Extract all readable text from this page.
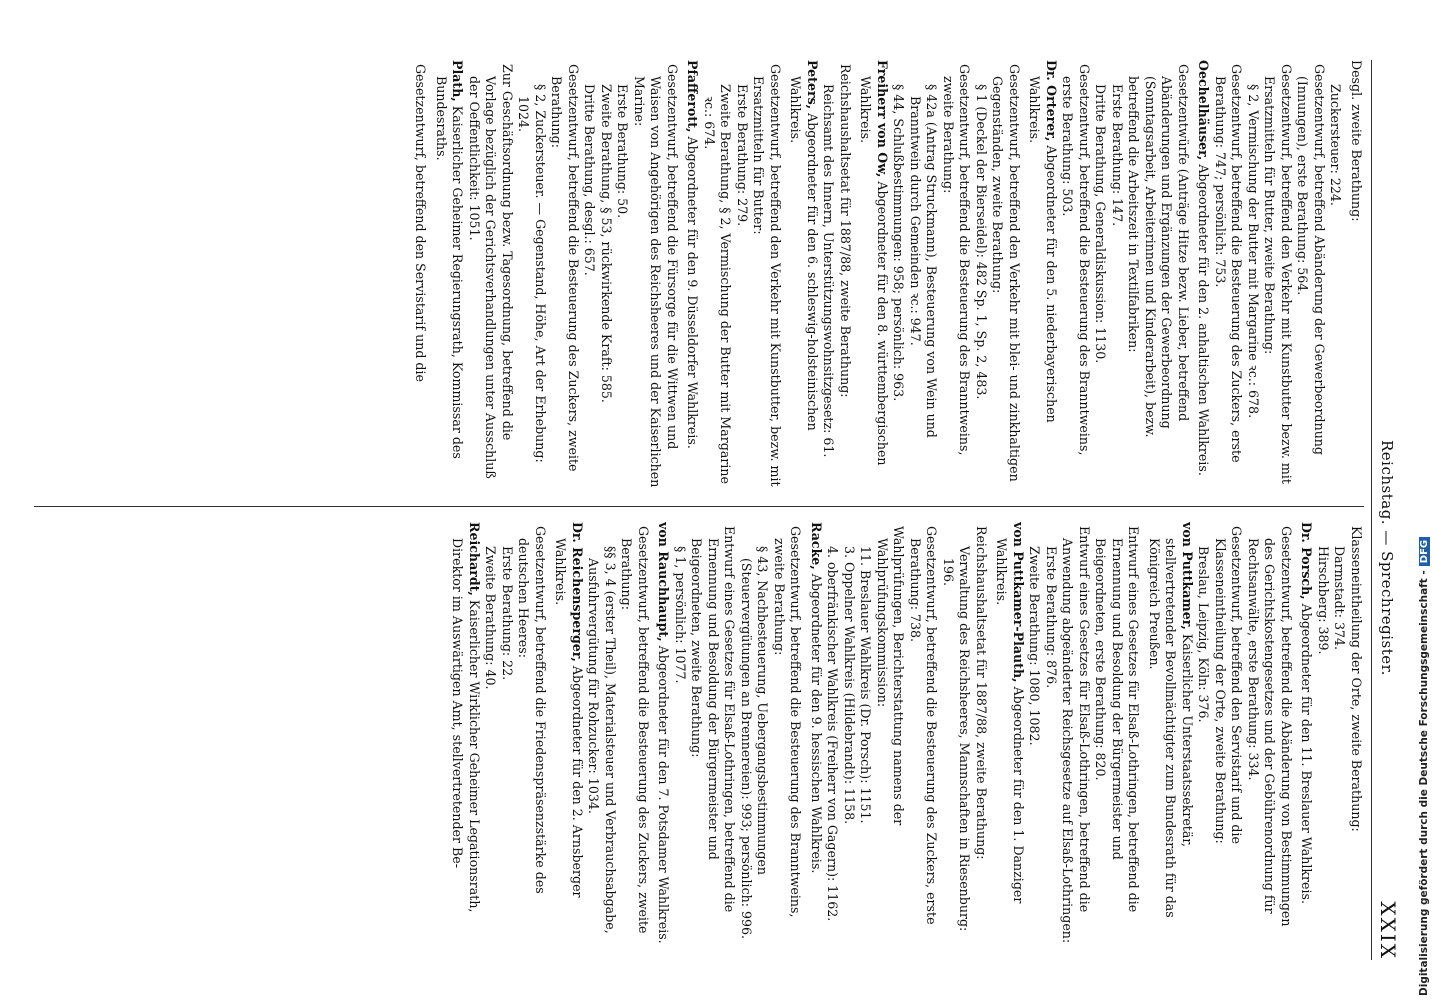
Reichstag. — Sprechregister.
XXIX

Desgl. zweite Berathung:

Zuckersteuer: 224.

Gesetzentwurf, betreffend Abänderung der Gewerbeordnung (Innungen), erste Berathung: 564.

Gesetzentwurf, betreffend den Verkehr mit Kunstbutter bezw. mit Ersatzmitteln für Butter, zweite Berathung:

§ 2, Vermischung der Butter mit Margarine ꝛc.: 678.

Gesetzentwurf, betreffend die Besteuerung des Zuckers, erste Berathung: 747; persönlich: 753.

Oechelhäuser, Abgeordneter für den 2. anhaltischen Wahlkreis.

Gesetzentwürfe (Anträge Hitze bezw. Lieber, betreffend Abänderungen und Ergänzungen der Gewerbeordnung (Sonntagsarbeit, Arbeiterinnen und Kinderarbeit), bezw. betreffend die Arbeitszeit in Textilfabriken:

Erste Berathung: 147.

Dritte Berathung, Generaldiskussion: 1130.

Gesetzentwurf, betreffend die Besteuerung des Branntweins, erste Berathung: 503.

Dr. Orterer, Abgeordneter für den 5. niederbayerischen Wahlkreis.

Gesetzentwurf, betreffend den Verkehr mit blei- und zinkhaltigen Gegenständen, zweite Berathung:

§ 1 (Deckel der Bierseidel): 482 Sp. 1, Sp. 2, 483.

Gesetzentwurf, betreffend die Besteuerung des Branntweins, zweite Berathung:

§ 42a (Antrag Struckmann), Besteuerung von Wein und Branntwein durch Gemeinden ꝛc.: 947.

§ 44, Schlußbestimmungen: 958; persönlich: 963.

Freiherr von Ow, Abgeordneter für den 8. württembergischen Wahlkreis.

Reichshaushaltsetat für 1887/88, zweite Berathung:

Reichsamt des Innern, Unterstützungswohnsitzgesetz: 61.

Peters, Abgeordneter für den 6. schleswig-holsteinischen Wahlkreis.

Gesetzentwurf, betreffend den Verkehr mit Kunstbutter, bezw. mit Ersatzmitteln für Butter:

Erste Berathung: 279.

Zweite Berathung, § 2, Vermischung der Butter mit Margarine ꝛc.: 674.

Pfafferott, Abgeordneter für den 9. Düsseldorfer Wahlkreis.

Gesetzentwurf, betreffend die Fürsorge für die Wittwen und Waisen von Angehörigen des Reichsheeres und der Kaiserlichen Marine:

Erste Berathung: 50.

Zweite Berathung, § 53, rückwirkende Kraft: 585.

Dritte Berathung, desgl.: 657.

Gesetzentwurf, betreffend die Besteuerung des Zuckers, zweite Berathung:

§ 2, Zuckersteuer. — Gegenstand, Höhe, Art der Erhebung: 1024.

Zur Geschäftsordnung bezw. Tagesordnung, betreffend die Vorlage bezüglich der Gerichtsverhandlungen unter Ausschluß der Oeffentlichkeit: 1051.

Plath, Kaiserlicher Geheimer Regierungsrath, Kommissar des Bundesraths.

Gesetzentwurf, betreffend den Servistarif und die

Klasseneintheilung der Orte, zweite Berathung:

Darmstadt: 374.

Hirschberg: 389.

Dr. Porsch, Abgeordneter für den 11. Breslauer Wahlkreis.

Gesetzentwurf, betreffend die Abänderung von Bestimmungen des Gerichtskostengesetzes und der Gebührenordnung für Rechtsanwälte, erste Berathung: 334.

Gesetzentwurf, betreffend den Servistarif und die Klasseneintheilung der Orte, zweite Berathung:

Breslau, Leipzig, Köln: 376.

von Puttkamer, Kaiserlicher Unterstaatssekretär, stellvertretender Bevollmächtigter zum Bundesrath für das Königreich Preußen.

Entwurf eines Gesetzes für Elsaß-Lothringen, betreffend die Ernennung und Besoldung der Bürgermeister und Beigeordneten, erste Berathung: 820.

Entwurf eines Gesetzes für Elsaß-Lothringen, betreffend die Anwendung abgeänderter Reichsgesetze auf Elsaß-Lothringen:

Erste Berathung: 876.

Zweite Berathung: 1080, 1082.

von Puttkamer-Plauth, Abgeordneter für den 1. Danziger Wahlkreis.

Reichshaushaltsetat für 1887/88, zweite Berathung:

Verwaltung des Reichsheeres, Mannschaften in Riesenburg: 196.

Gesetzentwurf, betreffend die Besteuerung des Zuckers, erste Berathung: 738.

Wahlprüfungen, Berichterstattung namens der Wahlprüfungskommission:

11. Breslauer Wahlkreis (Dr. Porsch): 1151.

3. Oppelner Wahlkreis (Hildebrandt): 1158.

4. oberfränkischer Wahlkreis (Freiherr von Gagern): 1162.

Racke, Abgeordneter für den 9. hessischen Wahlkreis.

Gesetzentwurf, betreffend die Besteuerung des Branntweins, zweite Berathung:

§ 43, Nachbesteuerung, Uebergangsbestimmungen (Steuervergütungen an Brennereien): 993; persönlich: 996.

Entwurf eines Gesetzes für Elsaß-Lothringen, betreffend die Ernennung und Besoldung der Bürgermeister und Beigeordneten, zweite Berathung:

§ 1, persönlich: 1077.

von Rauchhaupt, Abgeordneter für den 7. Potsdamer Wahlkreis.

Gesetzentwurf, betreffend die Besteuerung des Zuckers, zweite Berathung:

§§ 3, 4 (erster Theil), Materialsteuer und Verbrauchsabgabe, Ausfuhrvergütung für Rohzucker: 1034.

Dr. Reichensperger, Abgeordneter für den 2. Arnsberger Wahlkreis.

Gesetzentwurf, betreffend die Friedenspräsenzstärke des deutschen Heeres:

Erste Berathung: 22.

Zweite Berathung: 40.

Reichardt, Kaiserlicher Wirklicher Geheimer Legationsrath, Direktor im Auswärtigen Amt, stellvertretender Be-	Digitalisierung gefördert durch die Deutsche Forschungsgemeinschaft -DFG
